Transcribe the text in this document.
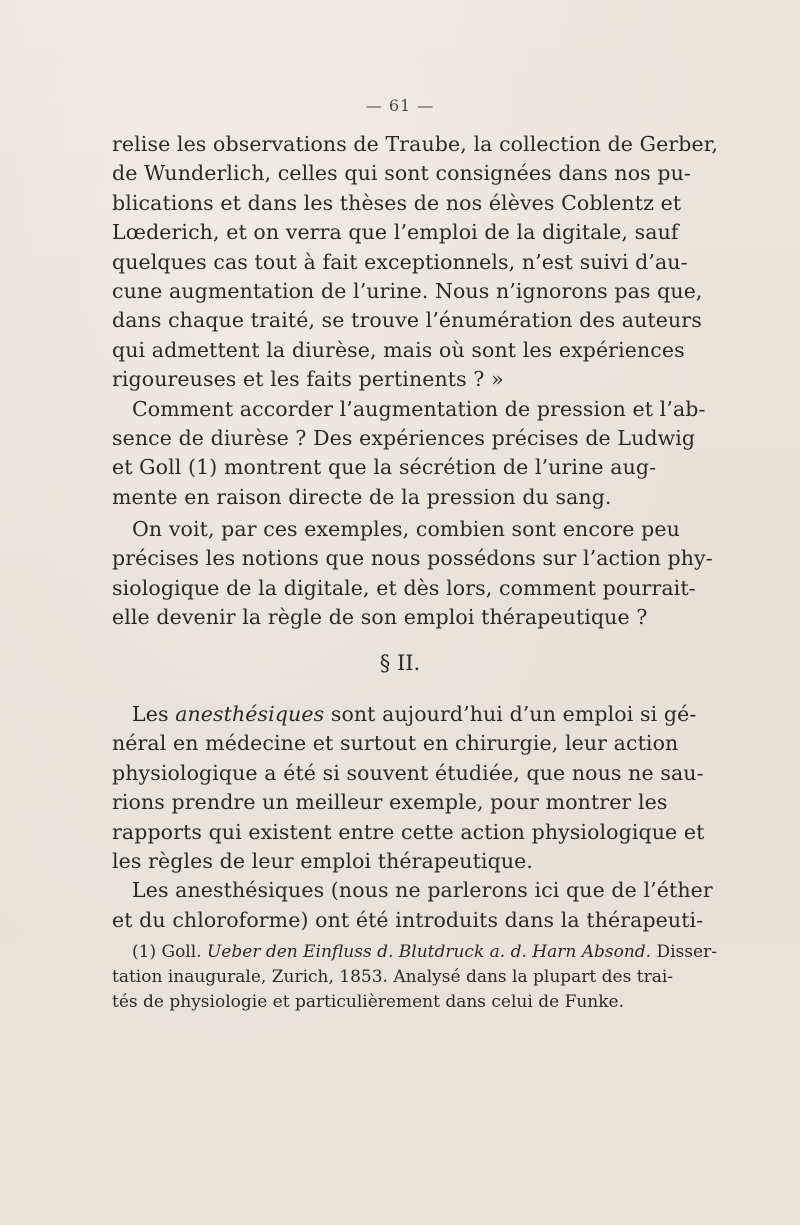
— 61 —
relise les observations de Traube, la collection de Gerber,
de Wunderlich, celles qui sont consignées dans nos pu-
blications et dans les thèses de nos élèves Coblentz et
Lœderich, et on verra que l’emploi de la digitale, sauf
quelques cas tout à fait exceptionnels, n’est suivi d’au-
cune augmentation de l’urine. Nous n’ignorons pas que,
dans chaque traité, se trouve l’énumération des auteurs
qui admettent la diurèse, mais où sont les expériences
rigoureuses et les faits pertinents ? »
Comment accorder l’augmentation de pression et l’ab-
sence de diurèse ? Des expériences précises de Ludwig
et Goll (1) montrent que la sécrétion de l’urine aug-
mente en raison directe de la pression du sang.
On voit, par ces exemples, combien sont encore peu
précises les notions que nous possédons sur l’action phy-
siologique de la digitale, et dès lors, comment pourrait-
elle devenir la règle de son emploi thérapeutique ?
§ II.
Les anesthésiques sont aujourd’hui d’un emploi si gé-
néral en médecine et surtout en chirurgie, leur action
physiologique a été si souvent étudiée, que nous ne sau-
rions prendre un meilleur exemple, pour montrer les
rapports qui existent entre cette action physiologique et
les règles de leur emploi thérapeutique.
Les anesthésiques (nous ne parlerons ici que de l’éther
et du chloroforme) ont été introduits dans la thérapeuti-
(1) Goll. Ueber den Einfluss d. Blutdruck a. d. Harn Absond. Disser-
tation inaugurale, Zurich, 1853. Analysé dans la plupart des trai-
tés de physiologie et particulièrement dans celui de Funke.
